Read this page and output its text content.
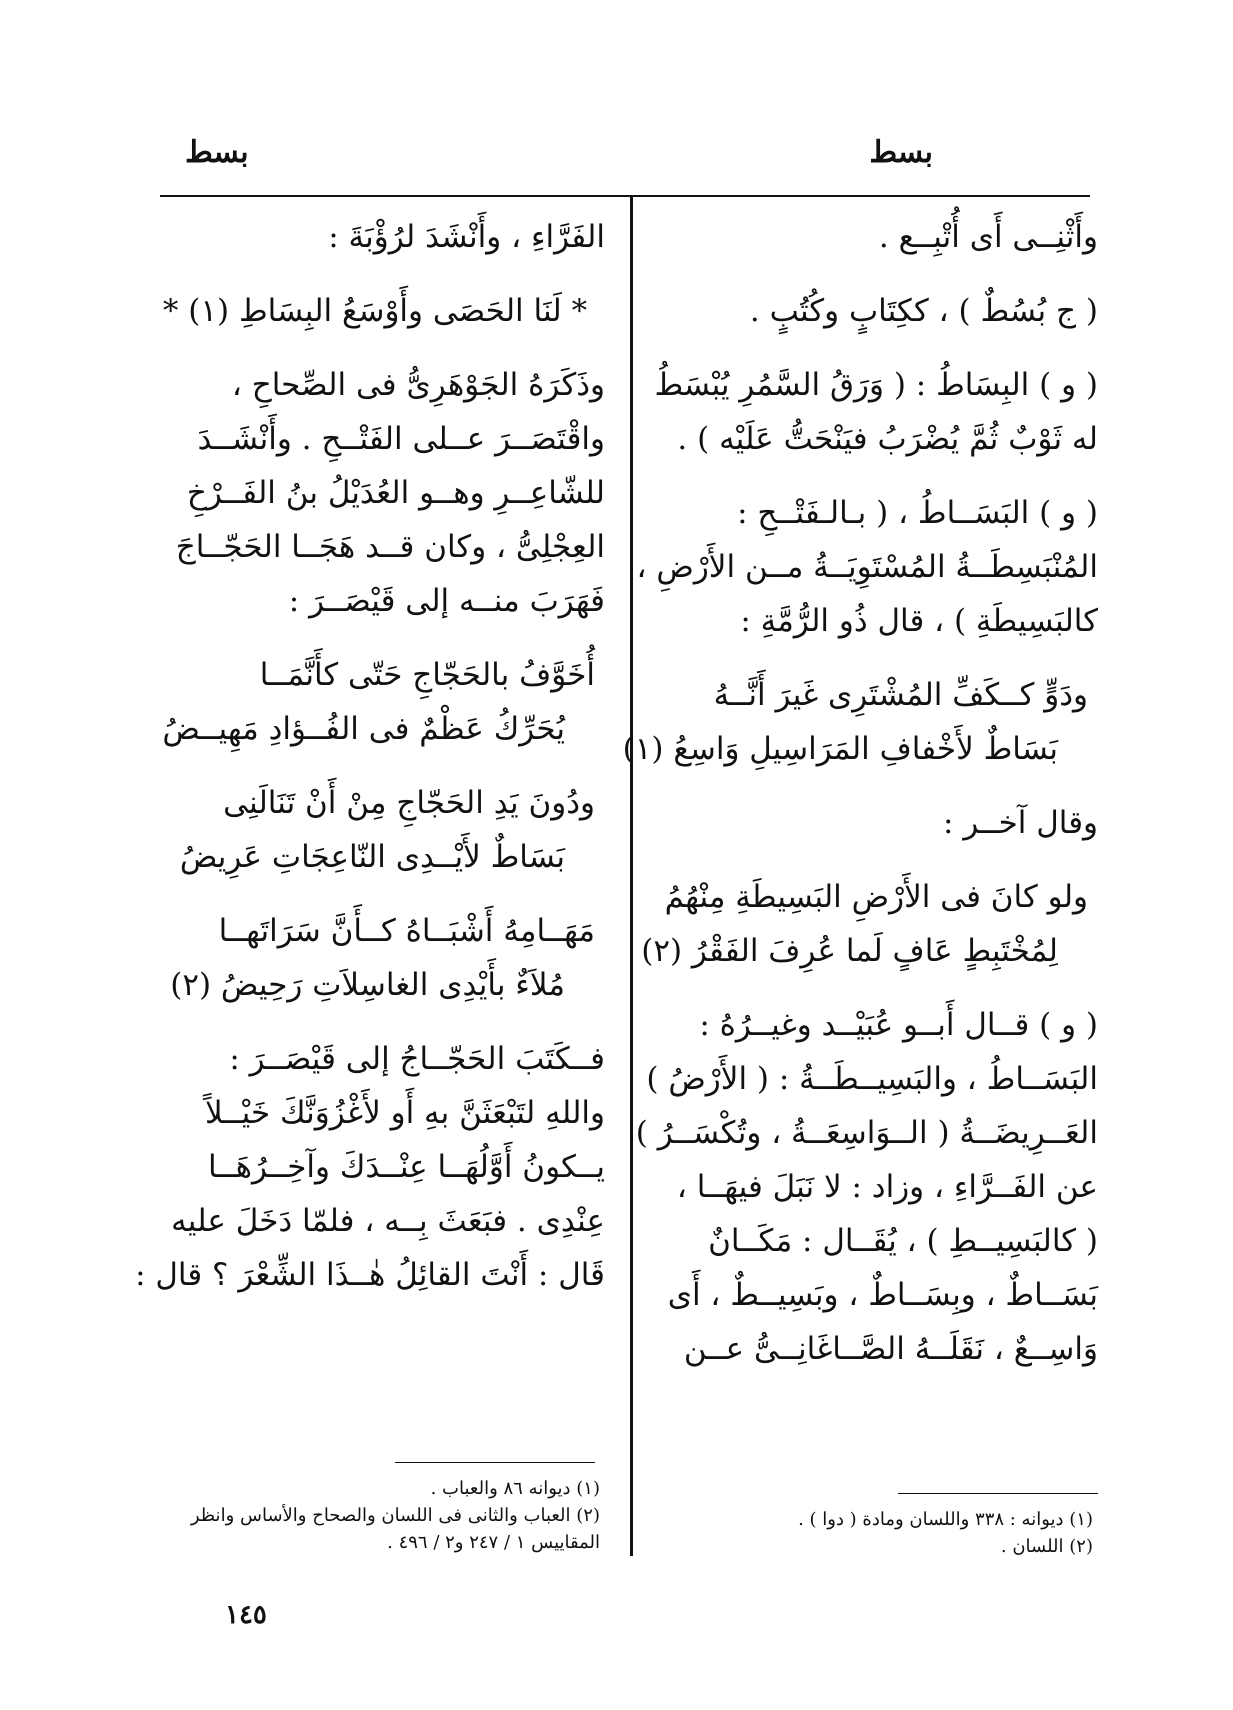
بسط
بسط
وأَثْنِــى أَى أُتْبِــع .
( ج بُسُطٌ ) ، ككِتَابٍ وكُتُبٍ .
( و ) البِسَاطُ : ( وَرَقُ السَّمُرِ يُبْسَطُ
له ثَوْبٌ ثُمَّ يُضْرَبُ فيَنْحَتُّ عَلَيْه ) .
( و ) البَسَــاطُ ، ( بـالـفَتْــحِ :
المُنْبَسِطَــةُ المُسْتَوِيَــةُ مــن الأَرْضِ ،
كالبَسِيطَةِ ) ، قال ذُو الرُّمَّةِ :
ودَوٍّ كــكَفِّ المُشْتَرِى غَيرَ أَنَّــهُ
بَسَاطٌ لأَخْفافِ المَرَاسِيلِ وَاسِعُ (١)
وقال آخــر :
ولو كانَ فى الأَرْضِ البَسِيطَةِ مِنْهُمُ
لِمُخْتَبِطٍ عَافٍ لَما عُرِفَ الفَقْرُ (٢)
( و ) قــال أَبــو عُبَيْــد وغيــرُهُ :
البَسَــاطُ ، والبَسِيــطَــةُ : ( الأَرْضُ )
العَــرِيضَــةُ ( الــوَاسِعَــةُ ، وتُكْسَــرُ )
عن الفَــرَّاءِ ، وزاد : لا نَبَلَ فيهَــا ،
( كالبَسِيــطِ ) ، يُقَــال : مَكَــانٌ
بَسَــاطٌ ، وبِسَــاطٌ ، وبَسِيــطٌ ، أَى
وَاسِــعٌ ، نَقَلَــهُ الصَّــاغَانِــىُّ عــن
الفَرَّاءِ ، وأَنْشَدَ لرُؤْبَةَ :
* لَنَا الحَصَى وأَوْسَعُ البِسَاطِ (١) *
وذَكَرَهُ الجَوْهَرِىُّ فى الصِّحاحِ ،
واقْتَصَــرَ عــلى الفَتْــحِ . وأَنْشَــدَ
للشّاعِــرِ وهــو العُدَيْلُ بنُ الفَــرْخِ
العِجْلِىُّ ، وكان قــد هَجَــا الحَجّــاجَ
فَهَرَبَ منــه إلى قَيْصَــرَ :
أُخَوَّفُ بالحَجّاجِ حَتّى كأَنَّمَــا
يُحَرِّكُ عَظْمٌ فى الفُــؤادِ مَهِيــضُ
ودُونَ يَدِ الحَجّاجِ مِنْ أَنْ تَنَالَنِى
بَسَاطٌ لأَيْــدِى النّاعِجَاتِ عَرِيضُ
مَهَــامِهُ أَشْبَــاهُ كــأَنَّ سَرَاتَهــا
مُلاَءٌ بأَيْدِى الغاسِلاَتِ رَحِيضُ (٢)
فــكَتَبَ الحَجّــاجُ إلى قَيْصَــرَ :
واللهِ لتَبْعَثَنَّ بهِ أَو لأَغْزُوَنَّكَ خَيْــلاً
يــكونُ أَوَّلُهَــا عِنْــدَكَ وآخِــرُهَــا
عِنْدِى . فبَعَثَ بِــه ، فلمّا دَخَلَ عليه
قَال : أَنْتَ القائِلُ هٰــذَا الشِّعْرَ ؟ قال :
(١) ديوانه : ٣٣٨ واللسان ومادة ( دوا ) .
(٢) اللسان .
(١) ديوانه ٨٦ والعباب .
(٢) العباب والثانى فى اللسان والصحاح والأساس وانظر
المقاييس ١ / ٢٤٧ و٢ / ٤٩٦ .
١٤٥
